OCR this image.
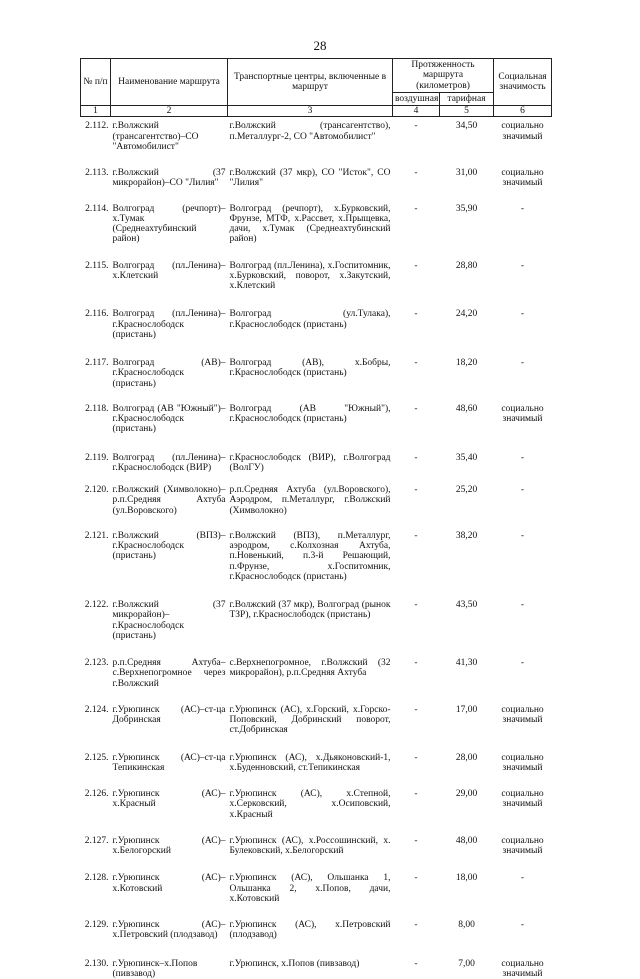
28
№ п/п	Наименование маршрута	Транспортные центры, включенные в маршрут	Протяженность маршрута (километров)		Социальная значимость
			воздушная	тарифная	
1	2	3	4	5	6
2.112.	г.Волжский (трансагентство)–СО "Автомобилист"	г.Волжский (трансагентство), п.Металлург-2, СО "Автомобилист"	-	34,50	социально значимый
2.113.	г.Волжский (37 микрорайон)–СО "Лилия"	г.Волжский (37 мкр), СО "Исток", СО "Лилия"	-	31,00	социально значимый
2.114.	Волгоград (речпорт)–х.Тумак (Среднеахтубинский район)	Волгоград (речпорт), х.Бурковский, Фрунзе, МТФ, х.Рассвет, х.Прыщевка, дачи, х.Тумак (Среднеахтубинский район)	-	35,90	-
2.115.	Волгоград (пл.Ленина)–х.Клетский	Волгоград (пл.Ленина), х.Госпитомник, х.Бурковский, поворот, х.Закутский, х.Клетский	-	28,80	-
2.116.	Волгоград (пл.Ленина)–г.Краснослободск (пристань)	Волгоград (ул.Тулака), г.Краснослободск (пристань)	-	24,20	-
2.117.	Волгоград (АВ)–г.Краснослободск (пристань)	Волгоград (АВ), х.Бобры, г.Краснослободск (пристань)	-	18,20	-
2.118.	Волгоград (АВ "Южный")–г.Краснослободск (пристань)	Волгоград (АВ "Южный"), г.Краснослободск (пристань)	-	48,60	социально значимый
2.119.	Волгоград (пл.Ленина)–г.Краснослободск (ВИР)	г.Краснослободск (ВИР), г.Волгоград (ВолГУ)	-	35,40	-
2.120.	г.Волжский (Химволокно)–р.п.Средняя Ахтуба (ул.Воровского)	р.п.Средняя Ахтуба (ул.Воровского), Аэродром, п.Металлург, г.Волжский (Химволокно)	-	25,20	-
2.121.	г.Волжский (ВПЗ)–г.Краснослободск (пристань)	г.Волжский (ВПЗ), п.Металлург, аэродром, с.Колхозная Ахтуба, п.Новенький, п.3-й Решающий, п.Фрунзе, х.Госпитомник, г.Краснослободск (пристань)	-	38,20	-
2.122.	г.Волжский (37 микрорайон)–г.Краснослободск (пристань)	г.Волжский (37 мкр), Волгоград (рынок ТЗР), г.Краснослободск (пристань)	-	43,50	-
2.123.	р.п.Средняя Ахтуба–с.Верхнепогромное через г.Волжский	с.Верхнепогромное, г.Волжский (32 микрорайон), р.п.Средняя Ахтуба	-	41,30	-
2.124.	г.Урюпинск (АС)–ст-ца Добринская	г.Урюпинск (АС), х.Горский, х.Горско-Поповский, Добринский поворот, ст.Добринская	-	17,00	социально значимый
2.125.	г.Урюпинск (АС)–ст-ца Тепикинская	г.Урюпинск (АС), х.Дьяконовский-1, х.Буденновский, ст.Тепикинская	-	28,00	социально значимый
2.126.	г.Урюпинск (АС)–х.Красный	г.Урюпинск (АС), х.Степной, х.Серковский, х.Осиповский, х.Красный	-	29,00	социально значимый
2.127.	г.Урюпинск (АС)–х.Белогорский	г.Урюпинск (АС), х.Россошинский, х. Булековский, х.Белогорский	-	48,00	социально значимый
2.128.	г.Урюпинск (АС)–х.Котовский	г.Урюпинск (АС), Ольшанка 1, Ольшанка 2, х.Попов, дачи, х.Котовский	-	18,00	-
2.129.	г.Урюпинск (АС)–х.Петровский (плодзавод)	г.Урюпинск (АС), х.Петровский (плодзавод)	-	8,00	-
2.130.	г.Урюпинск–х.Попов (пивзавод)	г.Урюпинск, х.Попов (пивзавод)	-	7,00	социально значимый
